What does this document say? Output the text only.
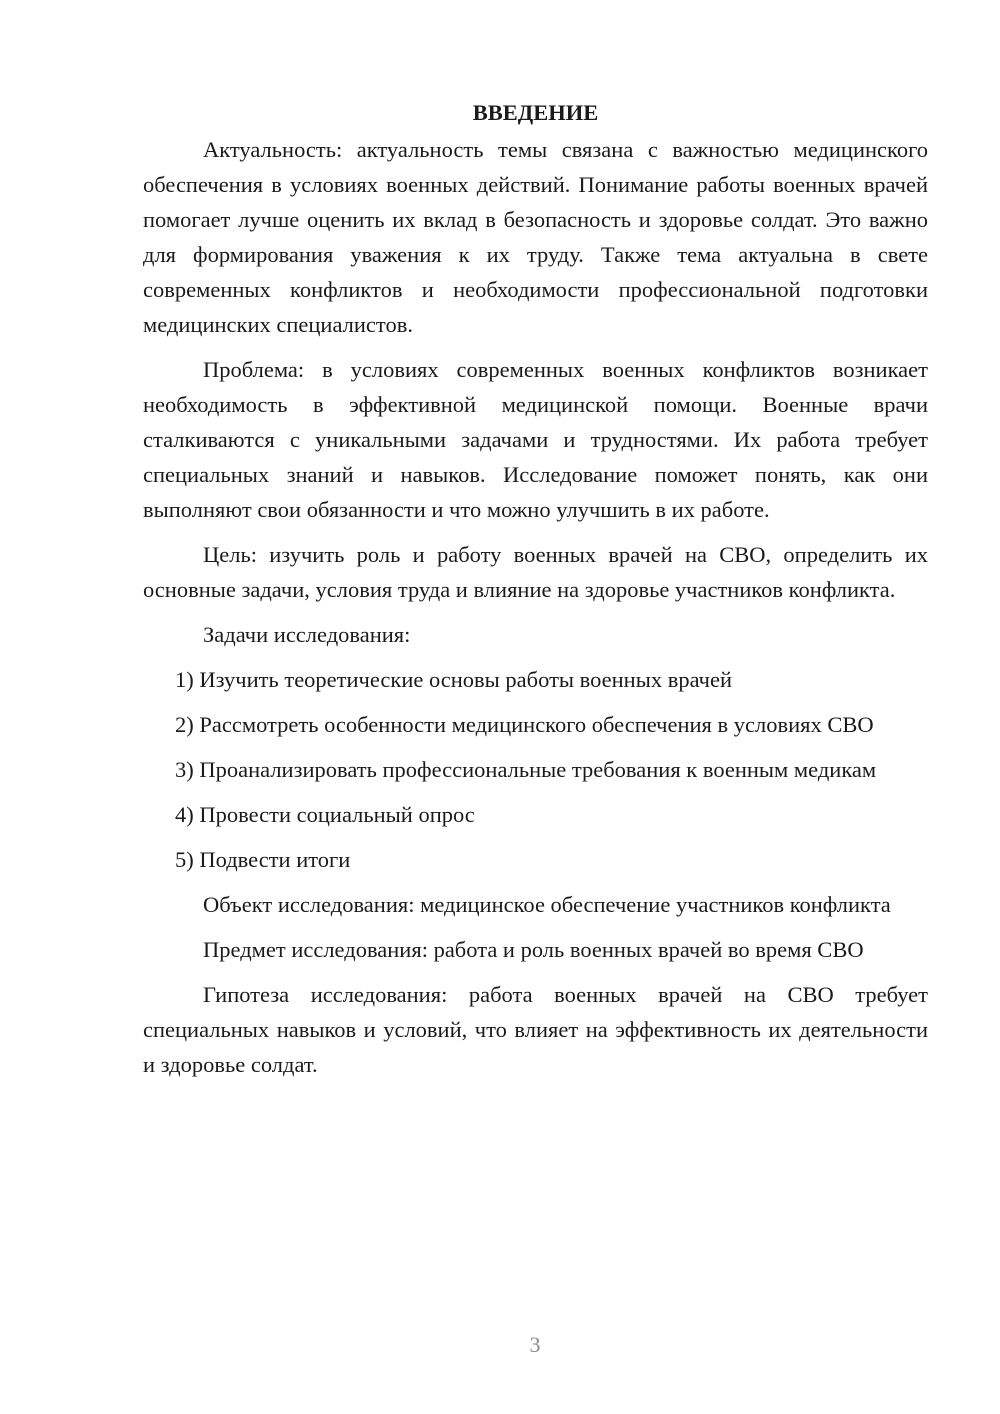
ВВЕДЕНИЕ

Актуальность: актуальность темы связана с важностью медицинского обеспечения в условиях военных действий. Понимание работы военных врачей помогает лучше оценить их вклад в безопасность и здоровье солдат. Это важно для формирования уважения к их труду. Также тема актуальна в свете современных конфликтов и необходимости профессиональной подготовки медицинских специалистов.

Проблема: в условиях современных военных конфликтов возникает необходимость в эффективной медицинской помощи. Военные врачи сталкиваются с уникальными задачами и трудностями. Их работа требует специальных знаний и навыков. Исследование поможет понять, как они выполняют свои обязанности и что можно улучшить в их работе.

Цель: изучить роль и работу военных врачей на СВО, определить их основные задачи, условия труда и влияние на здоровье участников конфликта.

Задачи исследования:

1) Изучить теоретические основы работы военных врачей

2) Рассмотреть особенности медицинского обеспечения в условиях СВО

3) Проанализировать профессиональные требования к военным медикам

4) Провести социальный опрос

5) Подвести итоги

Объект исследования: медицинское обеспечение участников конфликта

Предмет исследования: работа и роль военных врачей во время СВО

Гипотеза исследования: работа военных врачей на СВО требует специальных навыков и условий, что влияет на эффективность их деятельности и здоровье солдат.

3
